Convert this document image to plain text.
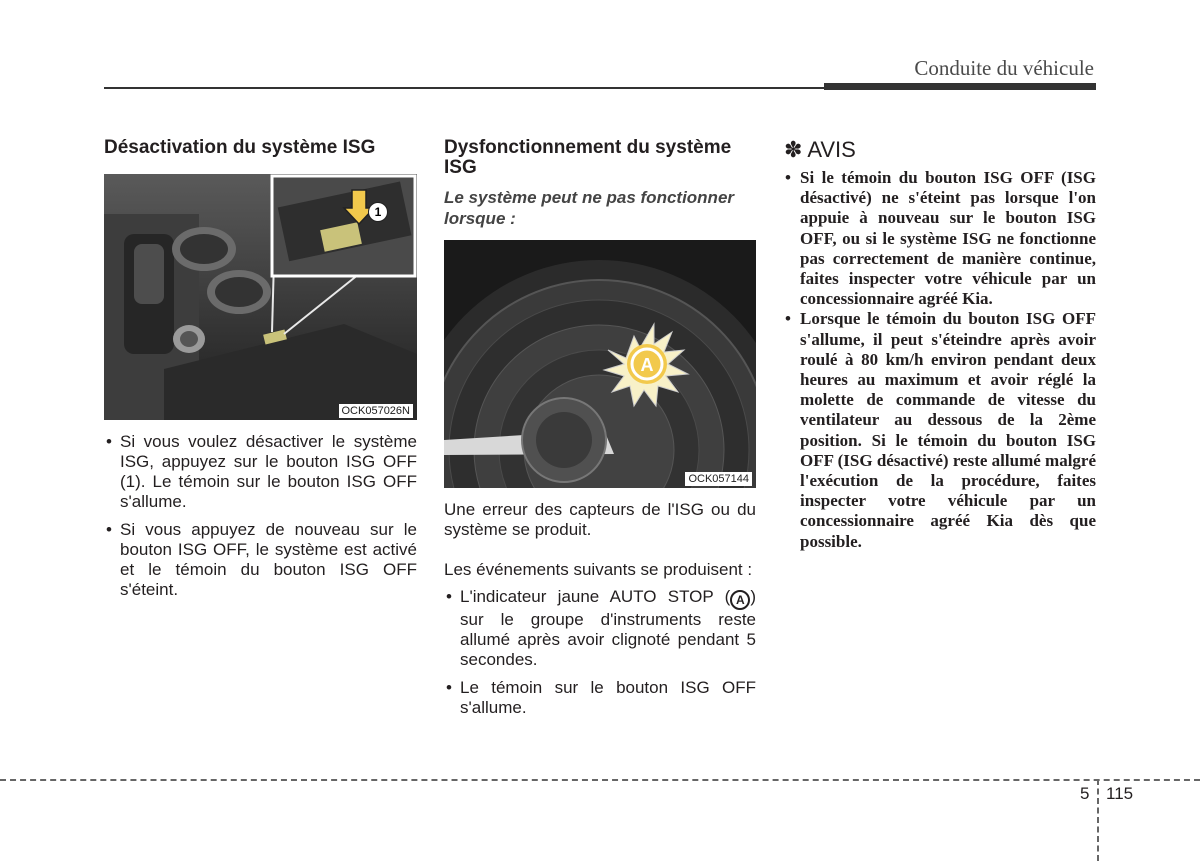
Conduite du véhicule
Désactivation du système ISG
1
OCK057026N
• Si vous voulez désactiver le système ISG, appuyez sur le bouton ISG OFF (1). Le témoin sur le bouton ISG OFF s'allume.
• Si vous appuyez de nouveau sur le bouton ISG OFF, le système est activé et le témoin du bouton ISG OFF s'éteint.
Dysfonctionnement du système ISG
Le système peut ne pas fonctionner lorsque :
A
OCK057144

Une erreur des capteurs de l'ISG ou du système se produit.

Les événements suivants se produisent :

• L'indicateur jaune AUTO STOP ( A ) sur le groupe d'instruments reste allumé après avoir clignoté pendant 5 secondes.
• Le témoin sur le bouton ISG OFF s'allume.
✽ AVIS
• Si le témoin du bouton ISG OFF (ISG désactivé) ne s'éteint pas lorsque l'on appuie à nouveau sur le bouton ISG OFF, ou si le système ISG ne fonctionne pas correctement de manière continue, faites inspecter votre véhicule par un concessionnaire agréé Kia.
• Lorsque le témoin du bouton ISG OFF s'allume, il peut s'éteindre après avoir roulé à 80 km/h environ pendant deux heures au maximum et avoir réglé la molette de commande de vitesse du ventilateur au dessous de la 2ème position. Si le témoin du bouton ISG OFF (ISG désactivé) reste allumé malgré l'exécution de la procédure, faites inspecter votre véhicule par un concessionnaire agréé Kia dès que possible.
5 115
